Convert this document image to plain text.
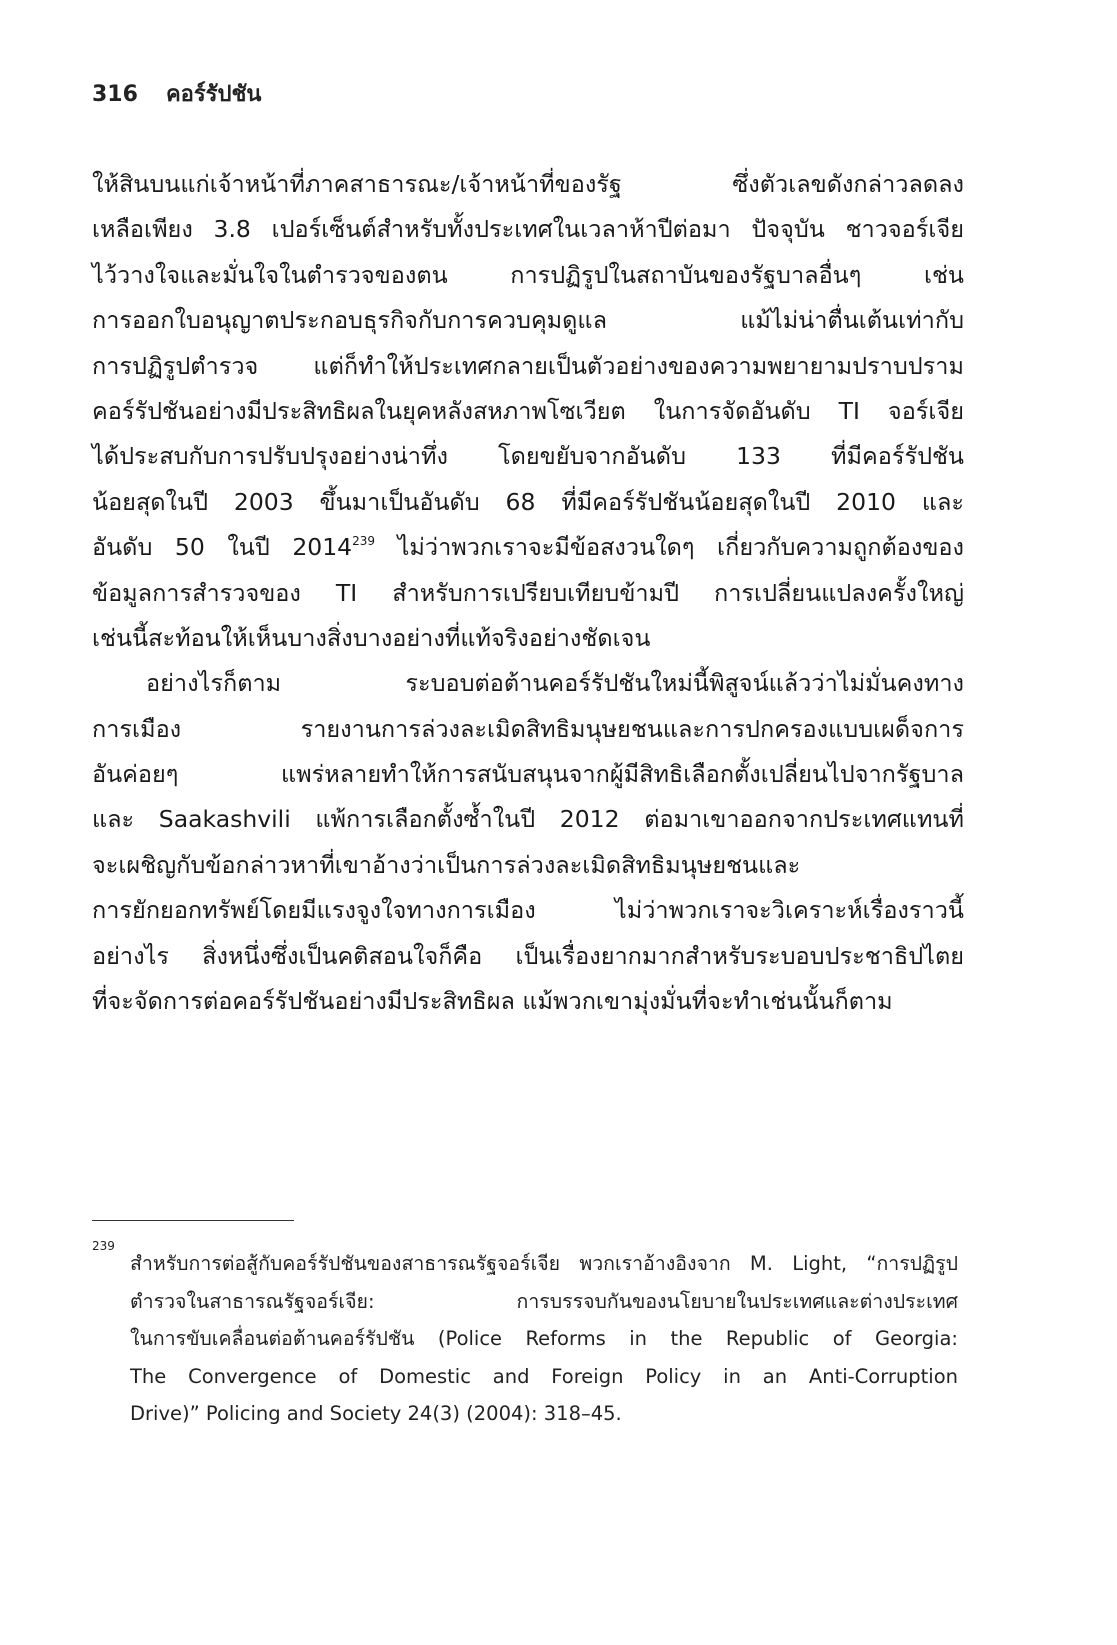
316 คอร์รัปชัน
ให้สินบนแก่เจ้าหน้าที่ภาคสาธารณะ/เจ้าหน้าที่ของรัฐ ซึ่งตัวเลขดังกล่าวลดลง
เหลือเพียง 3.8 เปอร์เซ็นต์สำหรับทั้งประเทศในเวลาห้าปีต่อมา ปัจจุบัน ชาวจอร์เจีย
ไว้วางใจและมั่นใจในตำรวจของตน การปฏิรูปในสถาบันของรัฐบาลอื่นๆ เช่น
การออกใบอนุญาตประกอบธุรกิจกับการควบคุมดูแล แม้ไม่น่าตื่นเต้นเท่ากับ
การปฏิรูปตำรวจ แต่ก็ทำให้ประเทศกลายเป็นตัวอย่างของความพยายามปราบปราม
คอร์รัปชันอย่างมีประสิทธิผลในยุคหลังสหภาพโซเวียต ในการจัดอันดับ TI จอร์เจีย
ได้ประสบกับการปรับปรุงอย่างน่าทึ่ง โดยขยับจากอันดับ 133 ที่มีคอร์รัปชัน
น้อยสุดในปี 2003 ขึ้นมาเป็นอันดับ 68 ที่มีคอร์รัปชันน้อยสุดในปี 2010 และ
อันดับ 50 ในปี 2014$^{239}$ ไม่ว่าพวกเราจะมีข้อสงวนใดๆ เกี่ยวกับความถูกต้องของ
ข้อมูลการสำรวจของ TI สำหรับการเปรียบเทียบข้ามปี การเปลี่ยนแปลงครั้งใหญ่
เช่นนี้สะท้อนให้เห็นบางสิ่งบางอย่างที่แท้จริงอย่างชัดเจน
อย่างไรก็ตาม ระบอบต่อต้านคอร์รัปชันใหม่นี้พิสูจน์แล้วว่าไม่มั่นคงทาง
การเมือง รายงานการล่วงละเมิดสิทธิมนุษยชนและการปกครองแบบเผด็จการ
อันค่อยๆ แพร่หลายทำให้การสนับสนุนจากผู้มีสิทธิเลือกตั้งเปลี่ยนไปจากรัฐบาล
และ Saakashvili แพ้การเลือกตั้งซ้ำในปี 2012 ต่อมาเขาออกจากประเทศแทนที่
จะเผชิญกับข้อกล่าวหาที่เขาอ้างว่าเป็นการล่วงละเมิดสิทธิมนุษยชนและ
การยักยอกทรัพย์โดยมีแรงจูงใจทางการเมือง ไม่ว่าพวกเราจะวิเคราะห์เรื่องราวนี้
อย่างไร สิ่งหนึ่งซึ่งเป็นคติสอนใจก็คือ เป็นเรื่องยากมากสำหรับระบอบประชาธิปไตย
ที่จะจัดการต่อคอร์รัปชันอย่างมีประสิทธิผล แม้พวกเขามุ่งมั่นที่จะทำเช่นนั้นก็ตาม
239
สำหรับการต่อสู้กับคอร์รัปชันของสาธารณรัฐจอร์เจีย พวกเราอ้างอิงจาก M. Light, “การปฏิรูป
ตำรวจในสาธารณรัฐจอร์เจีย: การบรรจบกันของนโยบายในประเทศและต่างประเทศ
ในการขับเคลื่อนต่อต้านคอร์รัปชัน (Police Reforms in the Republic of Georgia:
The Convergence of Domestic and Foreign Policy in an Anti-Corruption
Drive)” Policing and Society 24(3) (2004): 318–45.
